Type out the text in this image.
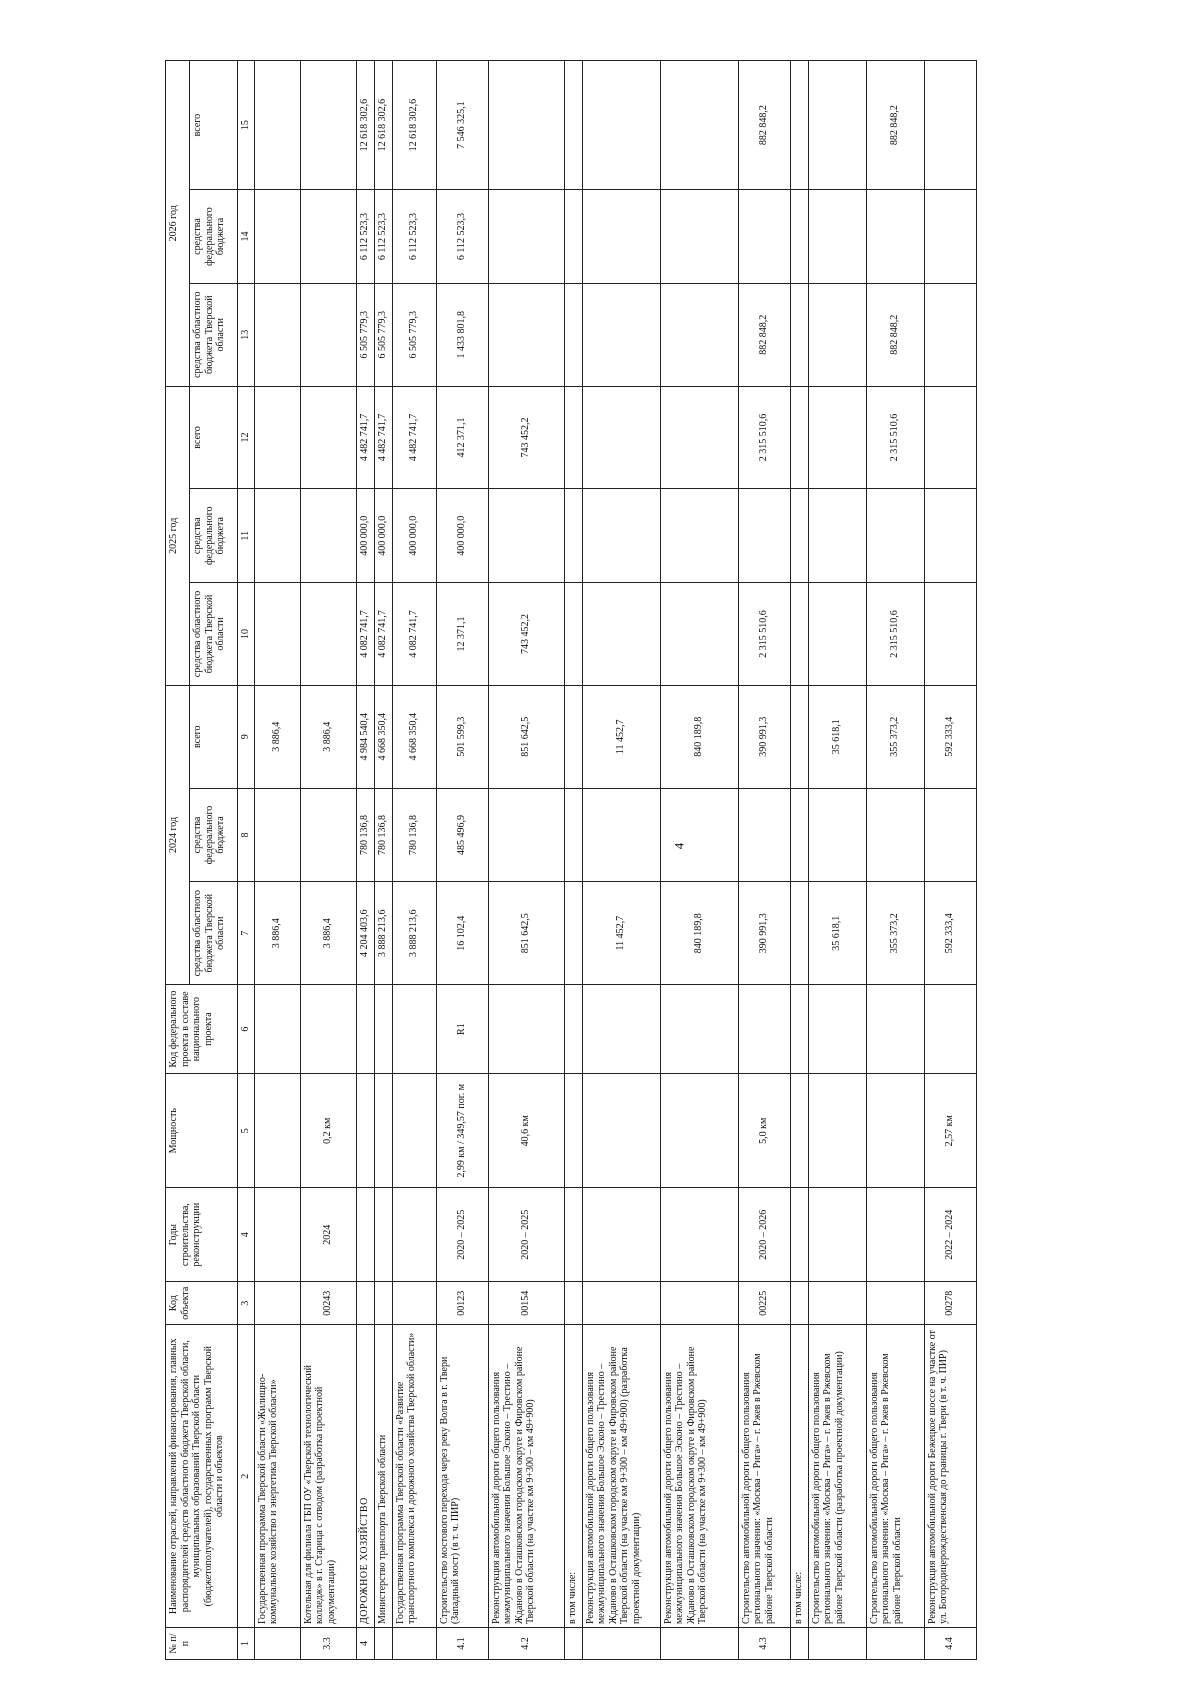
4
№ п/п	Наименование отраслей, направлений финансирования, главных распорядителей средств областного бюджета Тверской области, муниципальных образований Тверской области (бюджетополучателей), государственных программ Тверской области и объектов	Код объекта	Годы строительства, реконструкции	Мощность	Код федерального проекта в составе национального проекта	2024 год			2025 год			2026 год		
						средства областного бюджета Тверской области	средства федерального бюджета	всего	средства областного бюджета Тверской области	средства федерального бюджета	всего	средства областного бюджета Тверской области	средства федерального бюджета	всего
1	2	3	4	5	6	7	8	9	10	11	12	13	14	15
	Государственная программа Тверской области «Жилищно-коммунальное хозяйство и энергетика Тверской области»					3 886,4		3 886,4						
3.3	Котельная для филиала ГБП ОУ «Тверской технологический колледж» в г. Старица с отводом (разработка проектной документации)	00243	2024	0,2 км		3 886,4		3 886,4						
4	ДОРОЖНОЕ ХОЗЯЙСТВО					4 204 403,6	780 136,8	4 984 540,4	4 082 741,7	400 000,0	4 482 741,7	6 505 779,3	6 112 523,3	12 618 302,6
	Министерство транспорта Тверской области					3 888 213,6	780 136,8	4 668 350,4	4 082 741,7	400 000,0	4 482 741,7	6 505 779,3	6 112 523,3	12 618 302,6
	Государственная программа Тверской области «Развитие транспортного комплекса и дорожного хозяйства Тверской области»					3 888 213,6	780 136,8	4 668 350,4	4 082 741,7	400 000,0	4 482 741,7	6 505 779,3	6 112 523,3	12 618 302,6
4.1	Строительство мостового перехода через реку Волга в г. Твери (Западный мост) (в т. ч. ПИР)	00123	2020 – 2025	2,99 км / 349,57 пог. м	R1	16 102,4	485 496,9	501 599,3	12 371,1	400 000,0	412 371,1	1 433 801,8	6 112 523,3	7 546 325,1
4.2	Реконструкция автомобильной дороги общего пользования межмуниципального значения Большое Эсконо – Трестино – Жданово в Осташковском городском округе и Фировском районе Тверской области (на участке км 9+300 – км 49+900)	00154	2020 – 2025	40,6 км		851 642,5		851 642,5	743 452,2		743 452,2			
	в том числе:													
	Реконструкция автомобильной дороги общего пользования межмуниципального значения Большое Эсконо – Трестино – Жданово в Осташковском городском округе и Фировском районе Тверской области (на участке км 9+300 – км 49+900) (разработка проектной документации)					11 452,7		11 452,7						
	Реконструкция автомобильной дороги общего пользования межмуниципального значения Большое Эсконо – Трестино – Жданово в Осташковском городском округе и Фировском районе Тверской области (на участке км 9+300 – км 49+900)					840 189,8		840 189,8						
4.3	Строительство автомобильной дороги общего пользования регионального значения: «Москва – Рига» – г. Ржев в Ржевском районе Тверской области	00225	2020 – 2026	5,0 км		390 991,3		390 991,3	2 315 510,6		2 315 510,6	882 848,2		882 848,2
	в том числе:													
	Строительство автомобильной дороги общего пользования регионального значения: «Москва – Рига» – г. Ржев в Ржевском районе Тверской области (разработка проектной документации)					35 618,1		35 618,1						
	Строительство автомобильной дороги общего пользования регионального значения: «Москва – Рига» – г. Ржев в Ржевском районе Тверской области					355 373,2		355 373,2	2 315 510,6		2 315 510,6	882 848,2		882 848,2
4.4	Реконструкция автомобильной дороги Бежецкое шоссе на участке от ул. Богородицерождественская до границы г. Твери (в т. ч. ПИР)	00278	2022 – 2024	2,57 км		592 333,4		592 333,4						
